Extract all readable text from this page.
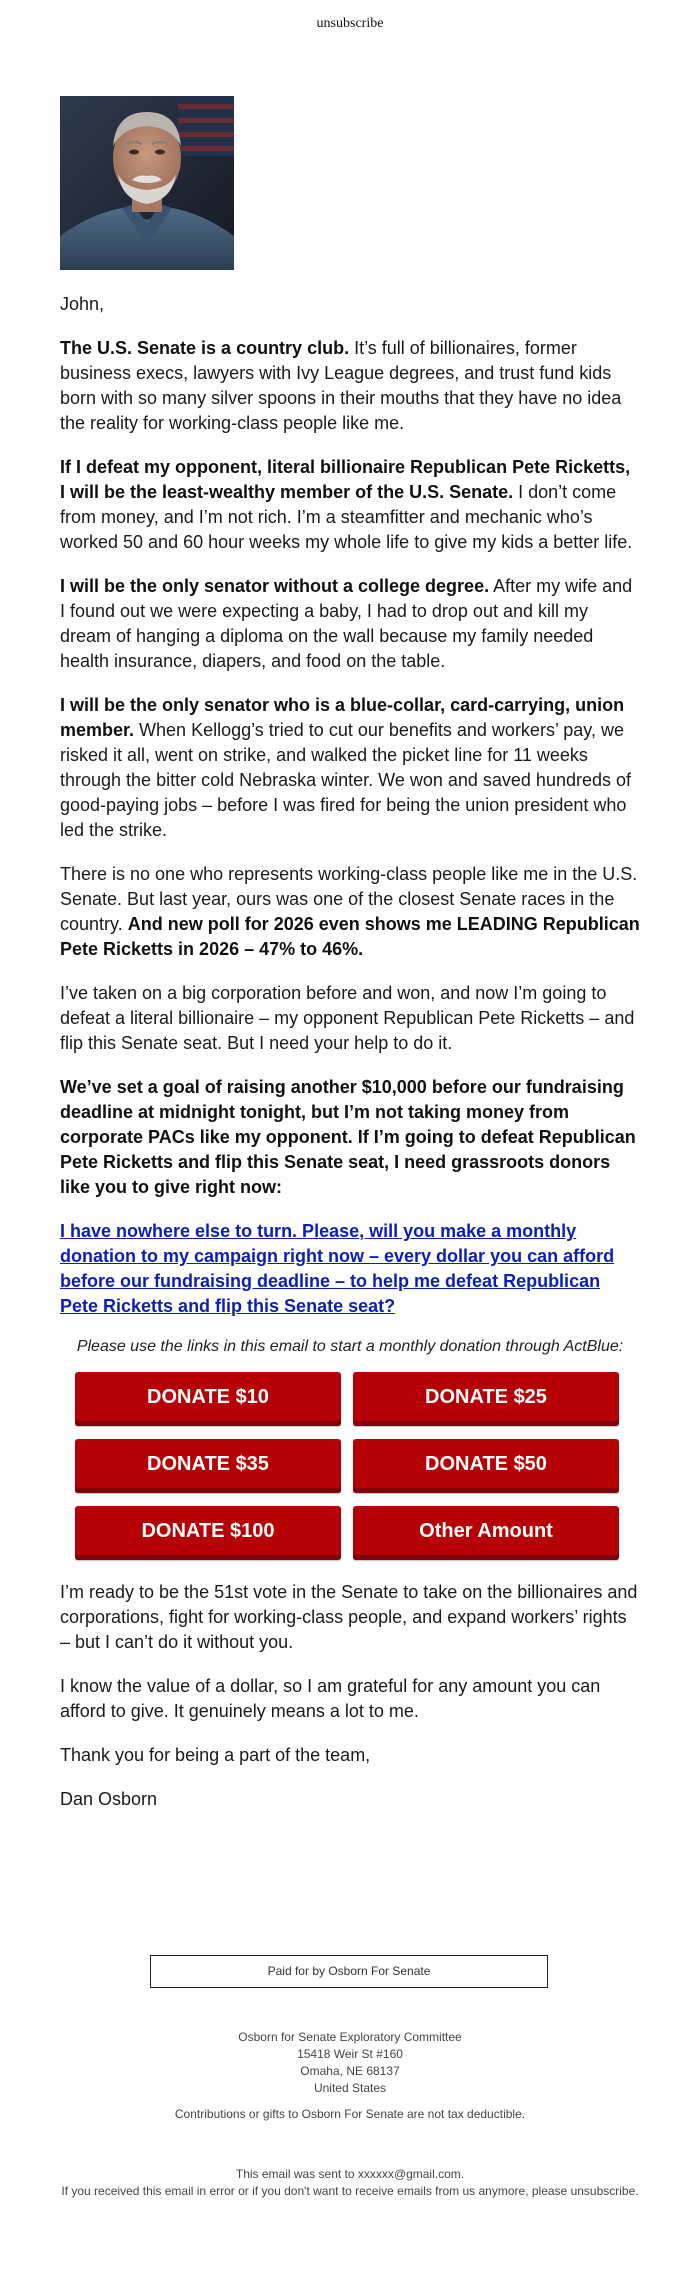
unsubscribe

John,

The U.S. Senate is a country club. It’s full of billionaires, former business execs, lawyers with Ivy League degrees, and trust fund kids born with so many silver spoons in their mouths that they have no idea the reality for working-class people like me.

If I defeat my opponent, literal billionaire Republican Pete Ricketts, I will be the least-wealthy member of the U.S. Senate. I don’t come from money, and I’m not rich. I’m a steamfitter and mechanic who’s worked 50 and 60 hour weeks my whole life to give my kids a better life.

I will be the only senator without a college degree. After my wife and I found out we were expecting a baby, I had to drop out and kill my dream of hanging a diploma on the wall because my family needed health insurance, diapers, and food on the table.

I will be the only senator who is a blue-collar, card-carrying, union member. When Kellogg’s tried to cut our benefits and workers’ pay, we risked it all, went on strike, and walked the picket line for 11 weeks through the bitter cold Nebraska winter. We won and saved hundreds of good-paying jobs – before I was fired for being the union president who led the strike.

There is no one who represents working-class people like me in the U.S. Senate. But last year, ours was one of the closest Senate races in the country. And new poll for 2026 even shows me LEADING Republican Pete Ricketts in 2026 – 47% to 46%.

I’ve taken on a big corporation before and won, and now I’m going to defeat a literal billionaire – my opponent Republican Pete Ricketts – and flip this Senate seat. But I need your help to do it.

We’ve set a goal of raising another $10,000 before our fundraising deadline at midnight tonight, but I’m not taking money from corporate PACs like my opponent. If I’m going to defeat Republican Pete Ricketts and flip this Senate seat, I need grassroots donors like you to give right now:

I have nowhere else to turn. Please, will you make a monthly donation to my campaign right now – every dollar you can afford before our fundraising deadline – to help me defeat Republican Pete Ricketts and flip this Senate seat?

Please use the links in this email to start a monthly donation through ActBlue:
DONATE $10	DONATE $25
DONATE $35	DONATE $50
DONATE $100	Other Amount

I’m ready to be the 51st vote in the Senate to take on the billionaires and corporations, fight for working-class people, and expand workers’ rights – but I can’t do it without you.

I know the value of a dollar, so I am grateful for any amount you can afford to give. It genuinely means a lot to me.

Thank you for being a part of the team,

Dan Osborn

Paid for by Osborn For Senate
Osborn for Senate Exploratory Committee
15418 Weir St #160
Omaha, NE 68137
United States
Contributions or gifts to Osborn For Senate are not tax deductible.
This email was sent to xxxxxx@gmail.com.
If you received this email in error or if you don't want to receive emails from us anymore, please unsubscribe.
